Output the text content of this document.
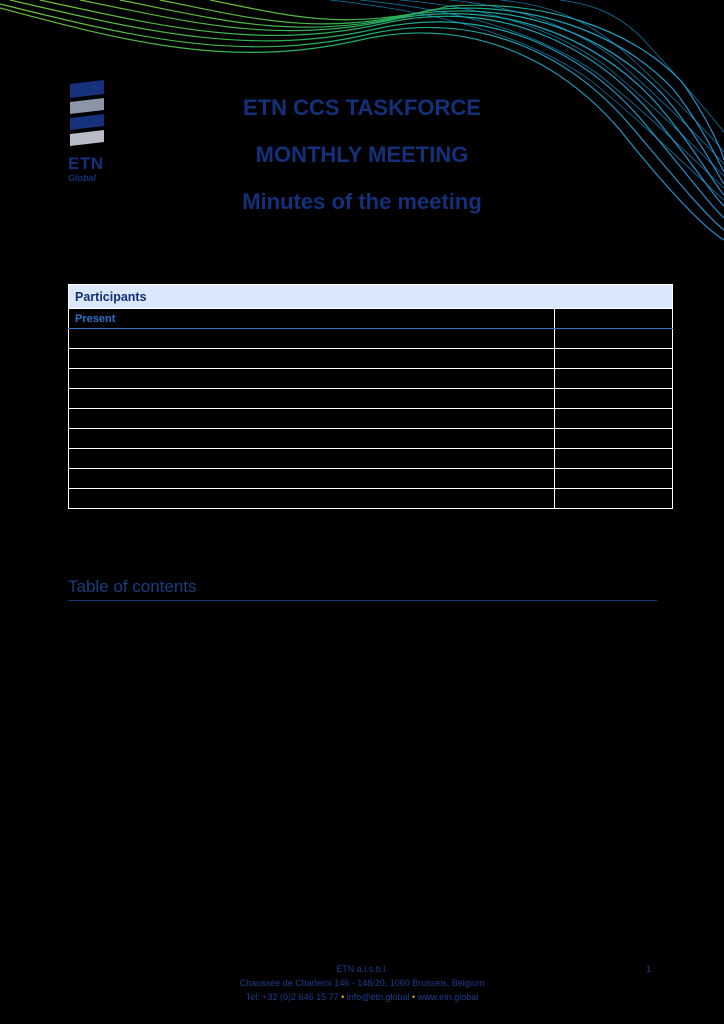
ETN
Global
ETN CCS TASKFORCE
MONTHLY MEETING
Minutes of the meeting
Participants	
Present	

Table of contents
ETN a.i.s.b.l.
Chaussée de Charleroi 146 - 148/20, 1060 Brussels, Belgium
Tel: +32 (0)2 646 15 77 • info@etn.global • www.etn.global
1
